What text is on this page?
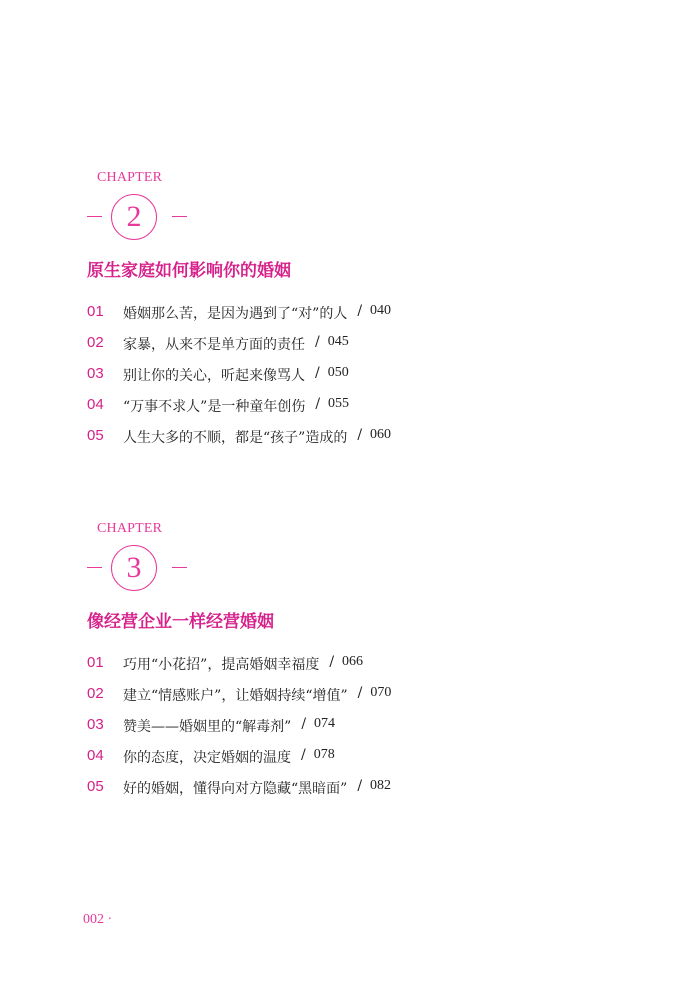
CHAPTER
2
原生家庭如何影响你的婚姻
01	婚姻那么苦，是因为遇到了“对”的人 / 040
02	家暴，从来不是单方面的责任 / 045
03	别让你的关心，听起来像骂人 / 050
04	“万事不求人”是一种童年创伤 / 055
05	人生大多的不顺，都是“孩子”造成的 / 060
CHAPTER
3
像经营企业一样经营婚姻
01	巧用“小花招”，提高婚姻幸福度 / 066
02	建立“情感账户”，让婚姻持续“增值” / 070
03	赞美——婚姻里的“解毒剂” / 074
04	你的态度，决定婚姻的温度 / 078
05	好的婚姻，懂得向对方隐藏“黑暗面” / 082
002 ·
